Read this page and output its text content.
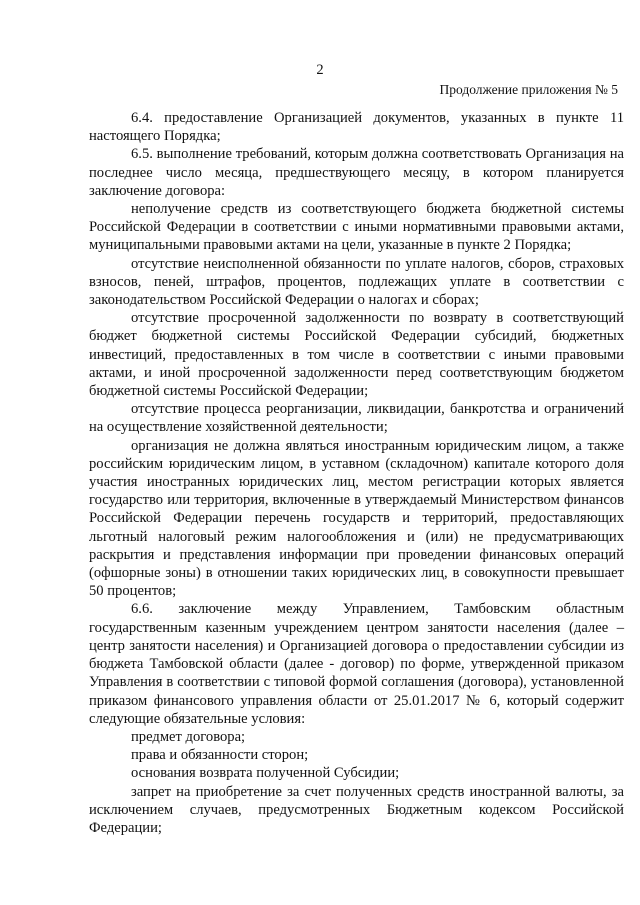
2
Продолжение приложения № 5

6.4. предоставление Организацией документов, указанных в пункте 11 настоящего Порядка;

6.5. выполнение требований, которым должна соответствовать Организация на последнее число месяца, предшествующего месяцу, в котором планируется заключение договора:

неполучение средств из соответствующего бюджета бюджетной системы Российской Федерации в соответствии с иными нормативными правовыми актами, муниципальными правовыми актами на цели, указанные в пункте 2 Порядка;

отсутствие неисполненной обязанности по уплате налогов, сборов, страховых взносов, пеней, штрафов, процентов, подлежащих уплате в соответствии с законодательством Российской Федерации о налогах и сборах;

отсутствие просроченной задолженности по возврату в соответствующий бюджет бюджетной системы Российской Федерации субсидий, бюджетных инвестиций, предоставленных в том числе в соответствии с иными правовыми актами, и иной просроченной задолженности перед соответствующим бюджетом бюджетной системы Российской Федерации;

отсутствие процесса реорганизации, ликвидации, банкротства и ограничений на осуществление хозяйственной деятельности;

организация не должна являться иностранным юридическим лицом, а также российским юридическим лицом, в уставном (складочном) капитале которого доля участия иностранных юридических лиц, местом регистрации которых является государство или территория, включенные в утверждаемый Министерством финансов Российской Федерации перечень государств и территорий, предоставляющих льготный налоговый режим налогообложения и (или) не предусматривающих раскрытия и представления информации при проведении финансовых операций (офшорные зоны) в отношении таких юридических лиц, в совокупности превышает 50 процентов;

6.6. заключение между Управлением, Тамбовским областным государственным казенным учреждением центром занятости населения (далее – центр занятости населения) и Организацией договора о предоставлении субсидии из бюджета Тамбовской области (далее - договор) по форме, утвержденной приказом Управления в соответствии с типовой формой соглашения (договора), установленной приказом финансового управления области от 25.01.2017 № 6, который содержит следующие обязательные условия:

предмет договора;

права и обязанности сторон;

основания возврата полученной Субсидии;

запрет на приобретение за счет полученных средств иностранной валюты, за исключением случаев, предусмотренных Бюджетным кодексом Российской Федерации;
